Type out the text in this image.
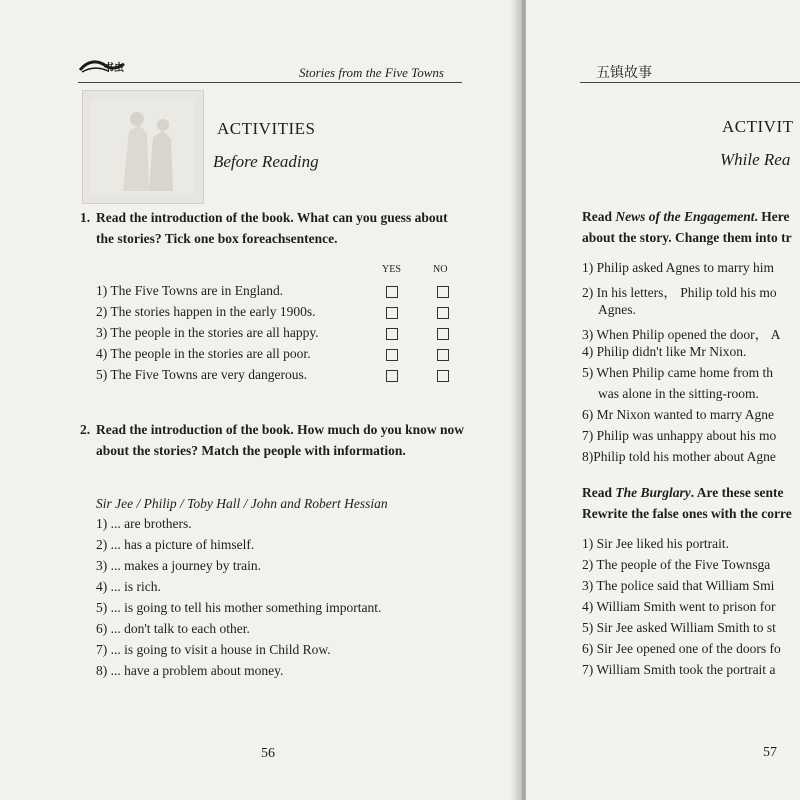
书虫	Stories from the Five Towns
ACTIVITIES
Before Reading
1. Read the introduction of the book. What can you guess about the stories? Tick one box foreachsentence.
YES	NO
1) The Five Towns are in England.
2) The stories happen in the early 1900s.
3) The people in the stories are all happy.
4) The people in the stories are all poor.
5) The Five Towns are very dangerous.
2. Read the introduction of the book. How much do you know now about the stories? Match the people with information.
Sir Jee / Philip / Toby Hall / John and Robert Hessian
1) ... are brothers.
2) ... has a picture of himself.
3) ... makes a journey by train.
4) ... is rich.
5) ... is going to tell his mother something important.
6) ... don't talk to each other.
7) ... is going to visit a house in Child Row.
8) ... have a problem about money.
56
五镇故事
ACTIVIT
While Rea
Read News of the Engagement. Here
about the story. Change them into tr
1) Philip asked Agnes to marry him
2) In his letters， Philip told his mo
Agnes.
3) When Philip opened the door， A
4) Philip didn't like Mr Nixon.
5) When Philip came home from th
was alone in the sitting-room.
6) Mr Nixon wanted to marry Agne
7) Philip was unhappy about his mo
8)Philip told his mother about Agne
Read The Burglary. Are these sente
Rewrite the false ones with the corre
1) Sir Jee liked his portrait.
2) The people of the Five Townsga
3) The police said that William Smi
4) William Smith went to prison for
5) Sir Jee asked William Smith to st
6) Sir Jee opened one of the doors fo
7) William Smith took the portrait a
57
